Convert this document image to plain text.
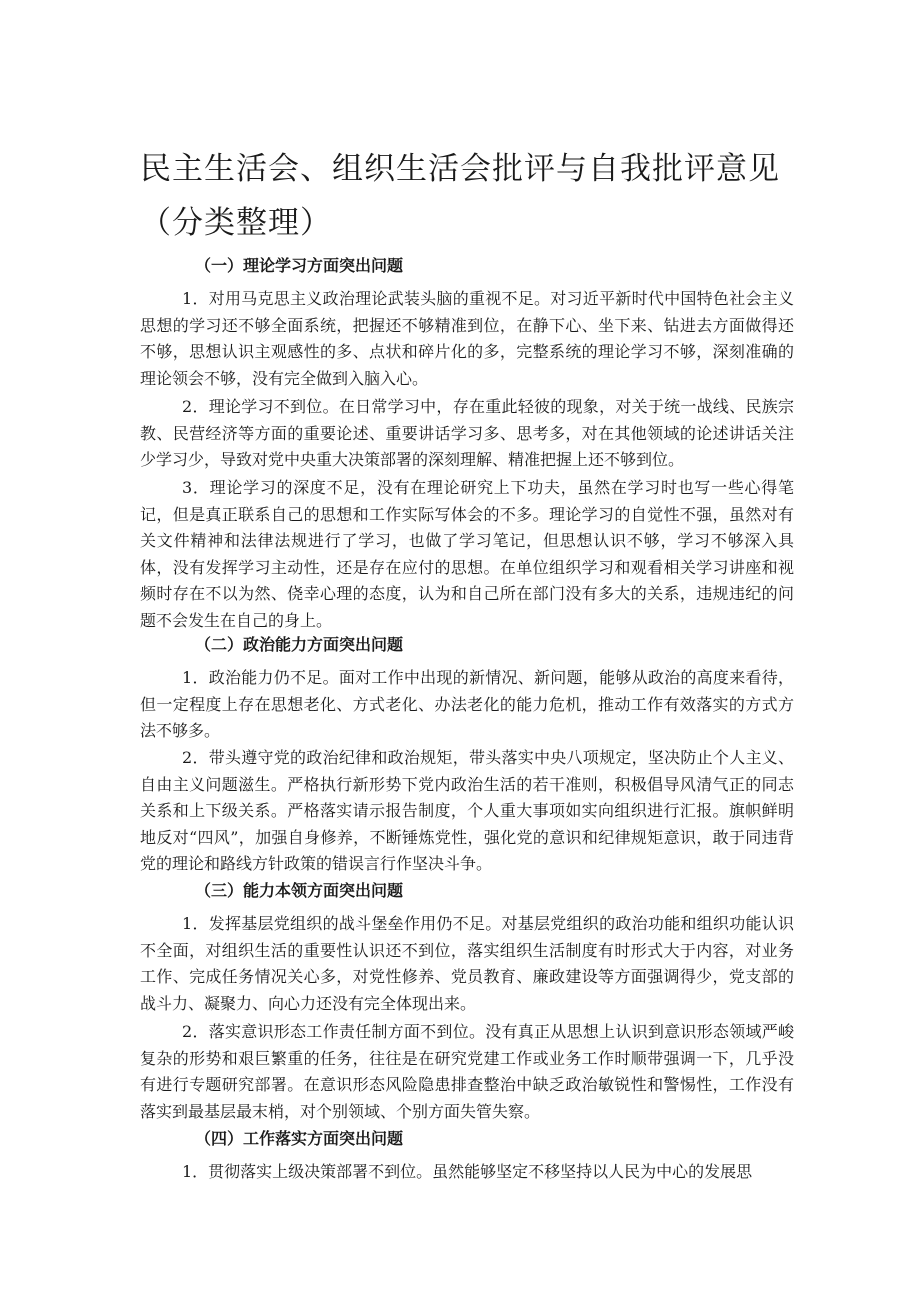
民主生活会、组织生活会批评与自我批评意见（分类整理）
（一）理论学习方面突出问题

1．对用马克思主义政治理论武装头脑的重视不足。对习近平新时代中国特色社会主义思想的学习还不够全面系统，把握还不够精准到位，在静下心、坐下来、钻进去方面做得还不够，思想认识主观感性的多、点状和碎片化的多，完整系统的理论学习不够，深刻准确的理论领会不够，没有完全做到入脑入心。

2．理论学习不到位。在日常学习中，存在重此轻彼的现象，对关于统一战线、民族宗教、民营经济等方面的重要论述、重要讲话学习多、思考多，对在其他领域的论述讲话关注少学习少，导致对党中央重大决策部署的深刻理解、精准把握上还不够到位。

3．理论学习的深度不足，没有在理论研究上下功夫，虽然在学习时也写一些心得笔记，但是真正联系自己的思想和工作实际写体会的不多。理论学习的自觉性不强，虽然对有关文件精神和法律法规进行了学习，也做了学习笔记，但思想认识不够，学习不够深入具体，没有发挥学习主动性，还是存在应付的思想。在单位组织学习和观看相关学习讲座和视频时存在不以为然、侥幸心理的态度，认为和自己所在部门没有多大的关系，违规违纪的问题不会发生在自己的身上。

（二）政治能力方面突出问题

1．政治能力仍不足。面对工作中出现的新情况、新问题，能够从政治的高度来看待，但一定程度上存在思想老化、方式老化、办法老化的能力危机，推动工作有效落实的方式方法不够多。

2．带头遵守党的政治纪律和政治规矩，带头落实中央八项规定，坚决防止个人主义、自由主义问题滋生。严格执行新形势下党内政治生活的若干准则，积极倡导风清气正的同志关系和上下级关系。严格落实请示报告制度，个人重大事项如实向组织进行汇报。旗帜鲜明地反对“四风”，加强自身修养，不断锤炼党性，强化党的意识和纪律规矩意识，敢于同违背党的理论和路线方针政策的错误言行作坚决斗争。

（三）能力本领方面突出问题

1．发挥基层党组织的战斗堡垒作用仍不足。对基层党组织的政治功能和组织功能认识不全面，对组织生活的重要性认识还不到位，落实组织生活制度有时形式大于内容，对业务工作、完成任务情况关心多，对党性修养、党员教育、廉政建设等方面强调得少，党支部的战斗力、凝聚力、向心力还没有完全体现出来。

2．落实意识形态工作责任制方面不到位。没有真正从思想上认识到意识形态领域严峻复杂的形势和艰巨繁重的任务，往往是在研究党建工作或业务工作时顺带强调一下，几乎没有进行专题研究部署。在意识形态风险隐患排查整治中缺乏政治敏锐性和警惕性，工作没有落实到最基层最末梢，对个别领域、个别方面失管失察。

（四）工作落实方面突出问题

1．贯彻落实上级决策部署不到位。虽然能够坚定不移坚持以人民为中心的发展思
